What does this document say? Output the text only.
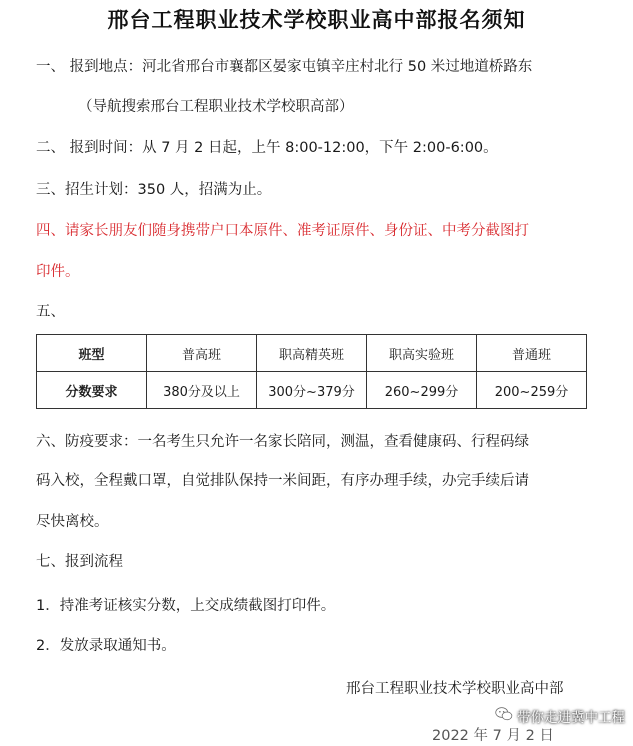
邢台工程职业技术学校职业高中部报名须知
一、 报到地点：河北省邢台市襄都区晏家屯镇辛庄村北行 50 米过地道桥路东
（导航搜索邢台工程职业技术学校职高部）
二、 报到时间：从 7 月 2 日起，上午 8:00-12:00，下午 2:00-6:00。
三、招生计划：350 人，招满为止。
四、请家长朋友们随身携带户口本原件、准考证原件、身份证、中考分截图打
印件。
五、
班型	普高班	职高精英班	职高实验班	普通班
分数要求	380分及以上	300分~379分	260~299分	200~259分
六、防疫要求：一名考生只允许一名家长陪同，测温，查看健康码、行程码绿
码入校，全程戴口罩，自觉排队保持一米间距，有序办理手续，办完手续后请
尽快离校。
七、报到流程
1．持准考证核实分数，上交成绩截图打印件。
2．发放录取通知书。
邢台工程职业技术学校职业高中部
2022 年 7 月 2 日
带你走进冀中工程
